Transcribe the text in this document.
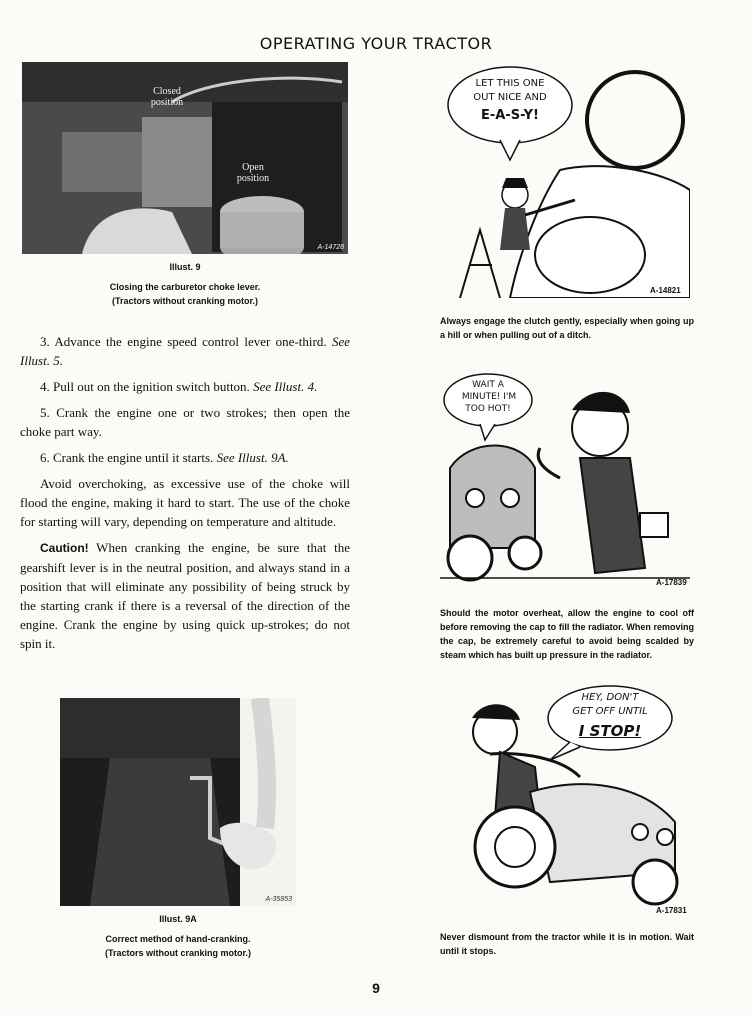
OPERATING YOUR TRACTOR
Closed position
Open position
A-14728
Illust. 9
Closing the carburetor choke lever.
(Tractors without cranking motor.)

3. Advance the engine speed control lever one-third. See Illust. 5.

4. Pull out on the ignition switch button. See Illust. 4.

5. Crank the engine one or two strokes; then open the choke part way.

6. Crank the engine until it starts. See Illust. 9A.

Avoid overchoking, as excessive use of the choke will flood the engine, making it hard to start. The use of the choke for starting will vary, depending on temperature and altitude.

Caution! When cranking the engine, be sure that the gearshift lever is in the neutral position, and always stand in a position that will eliminate any possibility of being struck by the starting crank if there is a reversal of the direction of the engine. Crank the engine by using quick up-strokes; do not spin it.

A-35853
Illust. 9A
Correct method of hand-cranking.
(Tractors without cranking motor.)
LET THIS ONE
OUT NICE AND
E-A-S-Y!
A-14821
Always engage the clutch gently, especially when going up a hill or when pulling out of a ditch.
WAIT A
MINUTE! I'M
TOO HOT!
A-17839
Should the motor overheat, allow the engine to cool off before removing the cap to fill the radiator. When removing the cap, be extremely careful to avoid being scalded by steam which has built up pressure in the radiator.
HEY, DON'T
GET OFF UNTIL
I STOP!
A-17831
Never dismount from the tractor while it is in motion. Wait until it stops.
9
